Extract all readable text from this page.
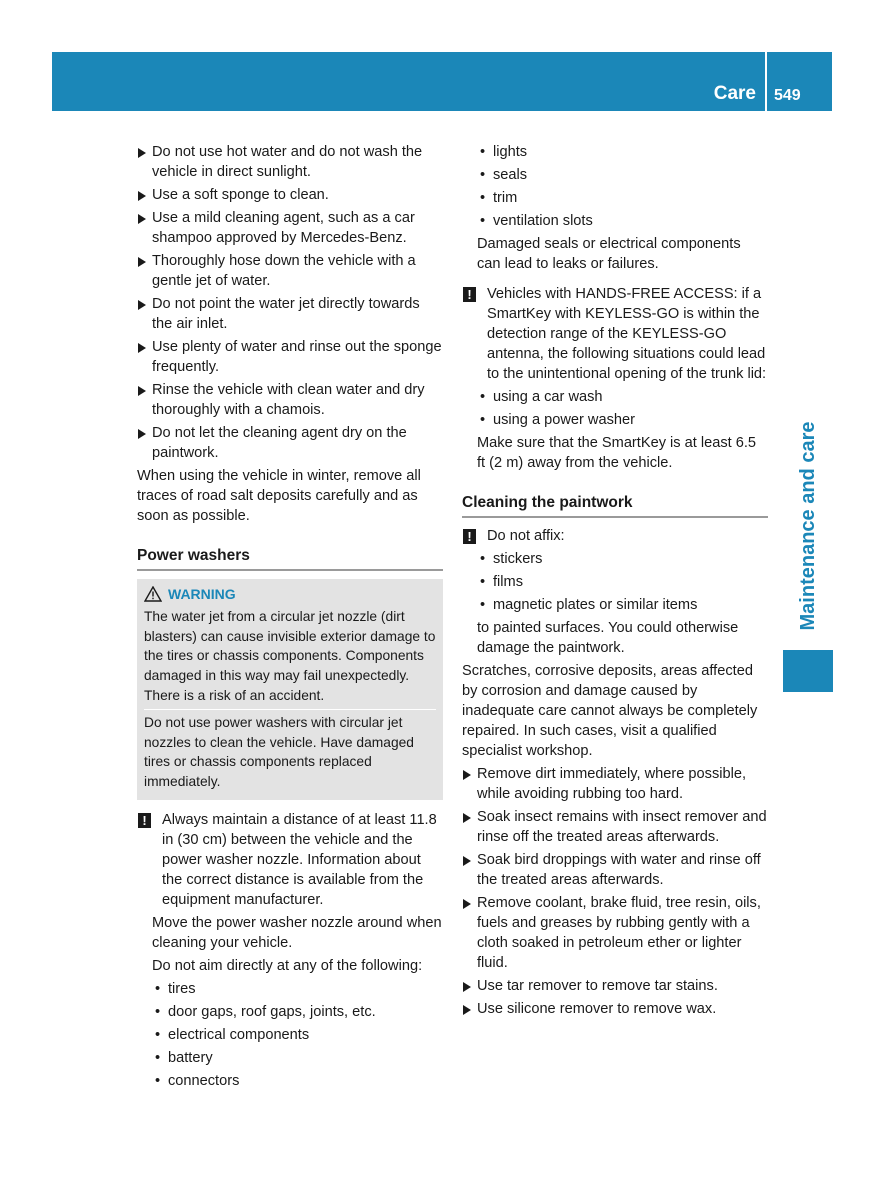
Care 549
Maintenance and care
Do not use hot water and do not wash the vehicle in direct sunlight.
Use a soft sponge to clean.
Use a mild cleaning agent, such as a car shampoo approved by Mercedes-Benz.
Thoroughly hose down the vehicle with a gentle jet of water.
Do not point the water jet directly towards the air inlet.
Use plenty of water and rinse out the sponge frequently.
Rinse the vehicle with clean water and dry thoroughly with a chamois.
Do not let the cleaning agent dry on the paintwork.

When using the vehicle in winter, remove all traces of road salt deposits carefully and as soon as possible.

Power washers
WARNING

The water jet from a circular jet nozzle (dirt blasters) can cause invisible exterior damage to the tires or chassis components. Components damaged in this way may fail unexpectedly. There is a risk of an accident.

Do not use power washers with circular jet nozzles to clean the vehicle. Have damaged tires or chassis components replaced immediately.

! Always maintain a distance of at least 11.8 in (30 cm) between the vehicle and the power washer nozzle. Information about the correct distance is available from the equipment manufacturer.

Move the power washer nozzle around when cleaning your vehicle.

Do not aim directly at any of the following:

• tires
• door gaps, roof gaps, joints, etc.
• electrical components
• battery
• connectors
• lights
• seals
• trim
• ventilation slots

Damaged seals or electrical components can lead to leaks or failures.

! Vehicles with HANDS-FREE ACCESS: if a SmartKey with KEYLESS-GO is within the detection range of the KEYLESS-GO antenna, the following situations could lead to the unintentional opening of the trunk lid:

• using a car wash
• using a power washer

Make sure that the SmartKey is at least 6.5 ft (2 m) away from the vehicle.

Cleaning the paintwork
! Do not affix:

• stickers
• films
• magnetic plates or similar items

to painted surfaces. You could otherwise damage the paintwork.

Scratches, corrosive deposits, areas affected by corrosion and damage caused by inadequate care cannot always be completely repaired. In such cases, visit a qualified specialist workshop.

Remove dirt immediately, where possible, while avoiding rubbing too hard.
Soak insect remains with insect remover and rinse off the treated areas afterwards.
Soak bird droppings with water and rinse off the treated areas afterwards.
Remove coolant, brake fluid, tree resin, oils, fuels and greases by rubbing gently with a cloth soaked in petroleum ether or lighter fluid.
Use tar remover to remove tar stains.
Use silicone remover to remove wax.
